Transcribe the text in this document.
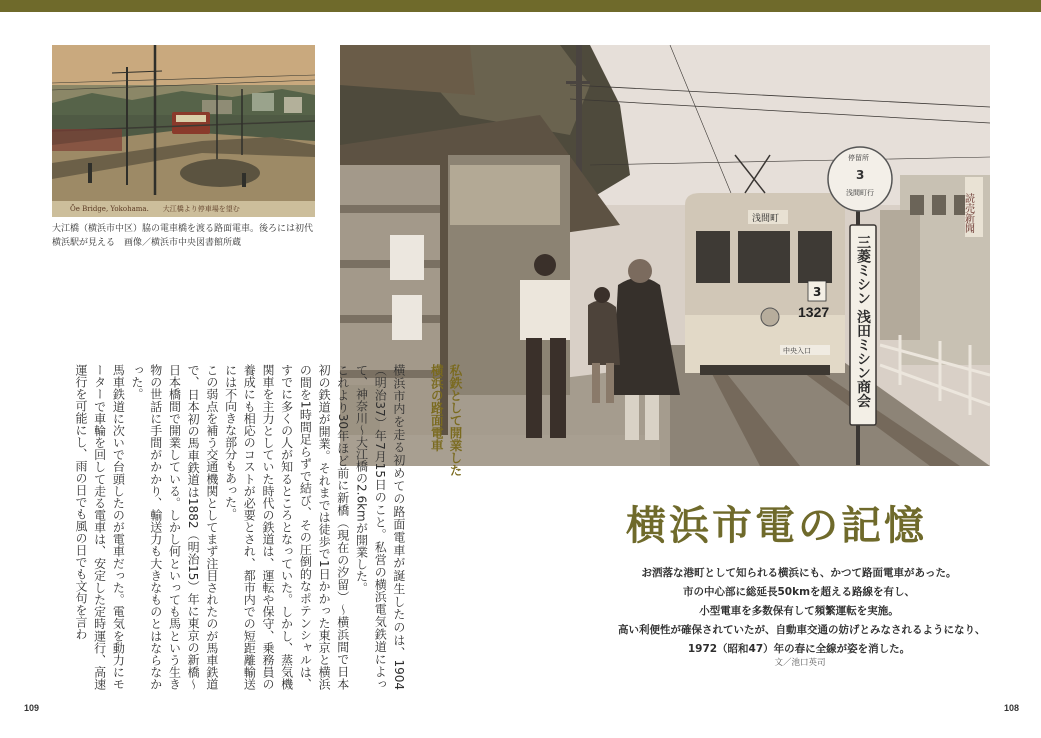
Ōe Bridge, Yokohama.　　大江橋より停車場を望む
大江橋（横浜市中区）脇の電車橋を渡る路面電車。後ろには初代横浜駅が見える　画像／横浜市中央図書館所蔵
読売新聞
浅間町
3
1327
中央入口
停留所
3
浅間町行
三菱ミシン 浅田ミシン商会

私鉄として開業した
横浜の路面電車

横浜市内を走る初めての路面電車が誕生したのは、1904（明治37）年7月15日のこと。私営の横浜電気鉄道によって、神奈川〜大江橋の2.6kmが開業した。

これより30年ほど前に新橋（現在の汐留）〜横浜間で日本初の鉄道が開業。それまでは徒歩で1日かかった東京と横浜の間を1時間足らずで結び、その圧倒的なポテンシャルは、すでに多くの人が知るところとなっていた。しかし、蒸気機関車を主力としていた時代の鉄道は、運転や保守、乗務員の養成にも相応のコストが必要とされ、都市内での短距離輸送には不向きな部分もあった。

この弱点を補う交通機関としてまず注目されたのが馬車鉄道で、日本初の馬車鉄道は1882（明治15）年に東京の新橋〜日本橋間で開業している。しかし何といっても馬という生き物の世話に手間がかかり、輸送力も大きなものとはならなかった。

馬車鉄道に次いで台頭したのが電車だった。電気を動力にモーターで車輪を回して走る電車は、安定した定時運行、高速運行を可能にし、雨の日でも風の日でも文句を言わ	横浜市電の記憶
お洒落な港町として知られる横浜にも、かつて路面電車があった。
市の中心部に総延長50kmを超える路線を有し、
小型電車を多数保有して頻繁運転を実施。
高い利便性が確保されていたが、自動車交通の妨げとみなされるようになり、
1972（昭和47）年の春に全線が姿を消した。
文／池口英司
109	108
